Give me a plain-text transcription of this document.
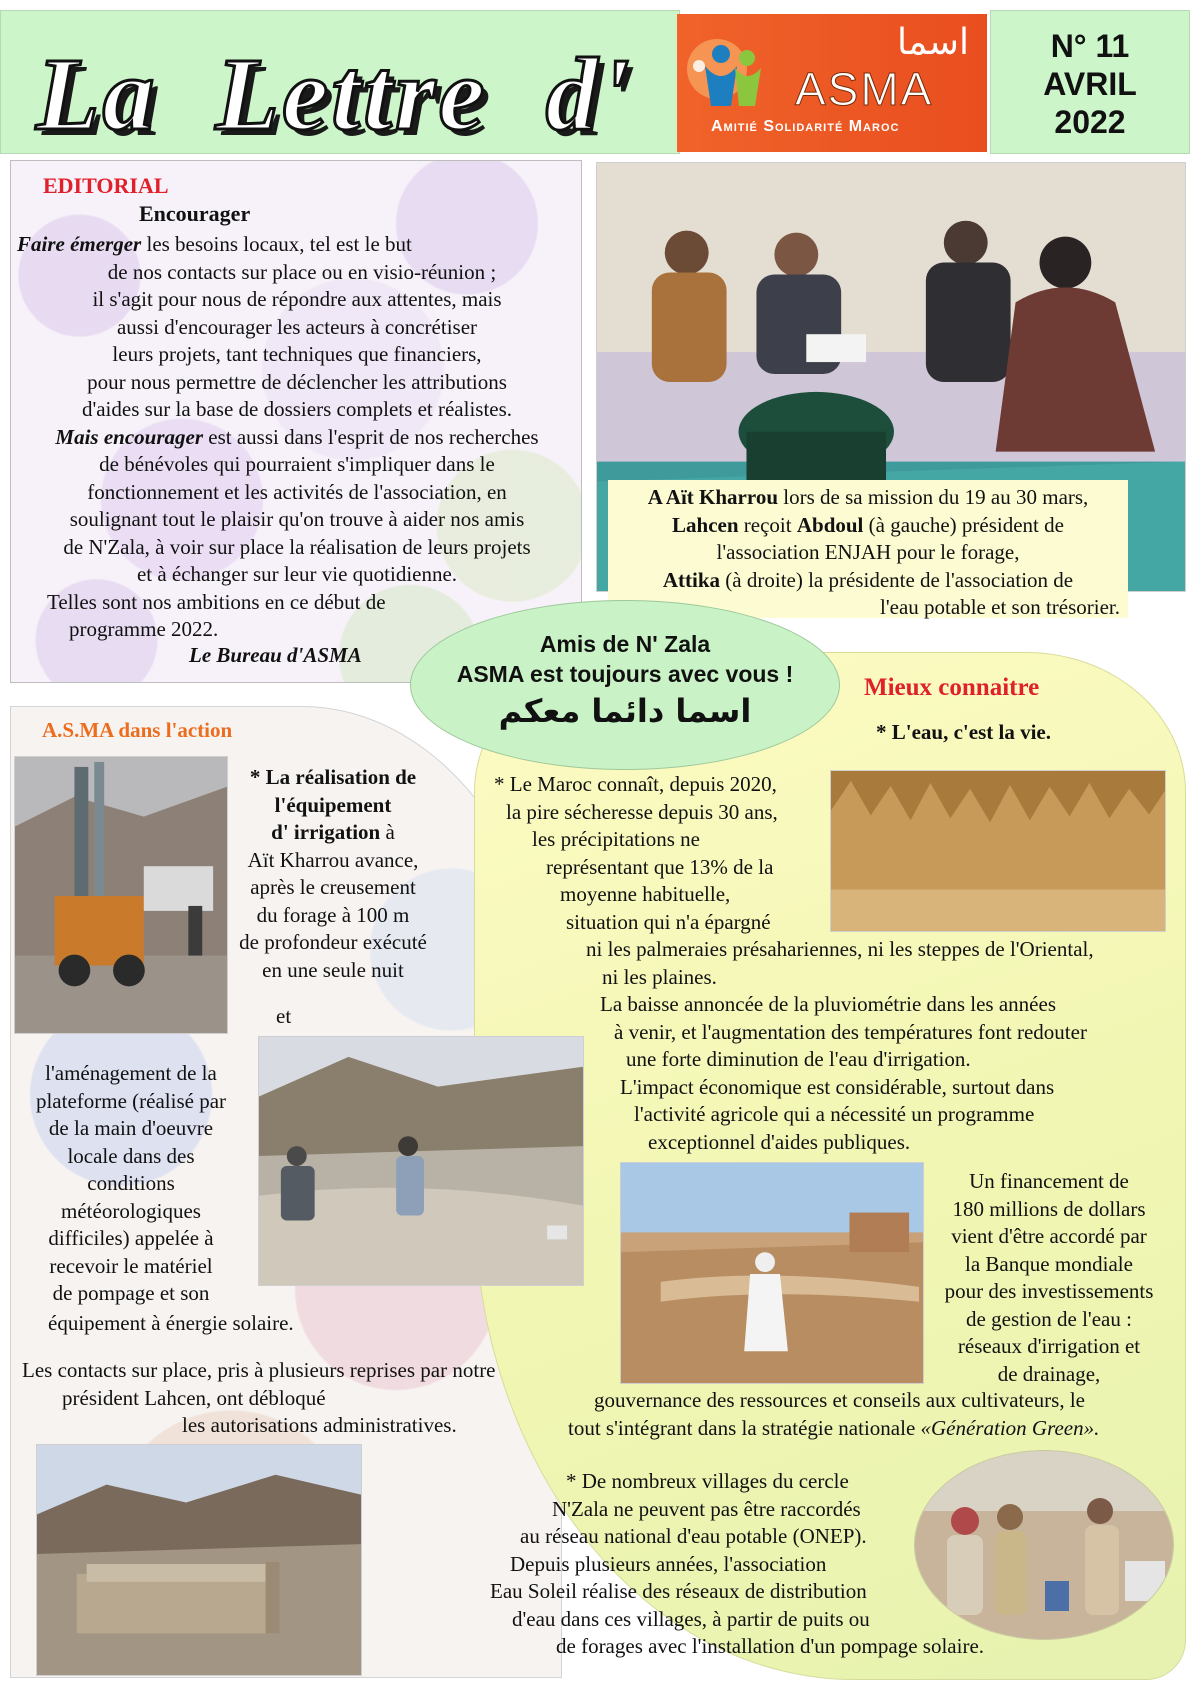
La  Lettre  d'	اسما
ASMA
Amitié Solidarité Maroc
N° 11
AVRIL
2022
EDITORIAL
Encourager
Faire émerger les besoins locaux, tel est le but
de nos contacts sur place ou en visio-réunion ;
il s'agit pour nous de répondre aux attentes, mais
aussi d'encourager les acteurs à concrétiser
leurs projets, tant techniques que financiers,
pour nous permettre de déclencher les attributions
d'aides sur la base de dossiers complets et réalistes.
Mais encourager est aussi dans l'esprit de nos recherches
de bénévoles qui pourraient s'impliquer dans le
fonctionnement et les activités de l'association, en
soulignant tout le plaisir qu'on trouve à aider nos amis
de N'Zala, à voir sur place la réalisation de leurs projets
et à échanger sur leur vie quotidienne.
Telles sont nos ambitions en ce début de
programme 2022.
Le Bureau d'ASMA
A Aït Kharrou lors de sa mission du 19 au 30 mars,
Lahcen reçoit Abdoul (à gauche) président de
l'association ENJAH pour le forage,
Attika (à droite) la présidente de l'association de
l'eau potable et son trésorier.
Amis de N' Zala
ASMA est toujours avec vous !
اسما دائما معكم
A.S.MA dans l'action
* La réalisation de
l'équipement
d' irrigation à
Aït Kharrou avance,
après le creusement
du forage à 100 m
de profondeur exécuté
en une seule nuit
et
l'aménagement de la
plateforme (réalisé par
de la main d'oeuvre
locale dans des
conditions
météorologiques
difficiles) appelée à
recevoir le matériel
de pompage et son
équipement à énergie solaire.
Les contacts sur place, pris à plusieurs reprises par notre
président Lahcen, ont débloqué
les autorisations administratives.
Mieux connaitre
* L'eau, c'est la vie.
* Le Maroc connaît, depuis 2020,
la pire sécheresse depuis 30 ans,
les précipitations ne
représentant que 13% de la
moyenne habituelle,
situation qui n'a épargné
ni les palmeraies présahariennes, ni les steppes de l'Oriental,
ni les plaines.
La baisse annoncée de la pluviométrie dans les années
à venir, et l'augmentation des températures font redouter
une forte diminution de l'eau d'irrigation.
L'impact économique est considérable, surtout dans
l'activité agricole qui a nécessité un programme
exceptionnel d'aides publiques.
Un financement de
180 millions de dollars
vient d'être accordé par
la Banque mondiale
pour des investissements
de gestion de l'eau :
réseaux d'irrigation et
de drainage,
gouvernance des ressources et conseils aux cultivateurs, le
tout s'intégrant dans la stratégie nationale «Génération Green».
* De nombreux villages du cercle
N'Zala ne peuvent pas être raccordés
au réseau national d'eau potable (ONEP).
Depuis plusieurs années, l'association
Eau Soleil réalise des réseaux de distribution
d'eau dans ces villages, à partir de puits ou
de forages avec l'installation d'un pompage solaire.
